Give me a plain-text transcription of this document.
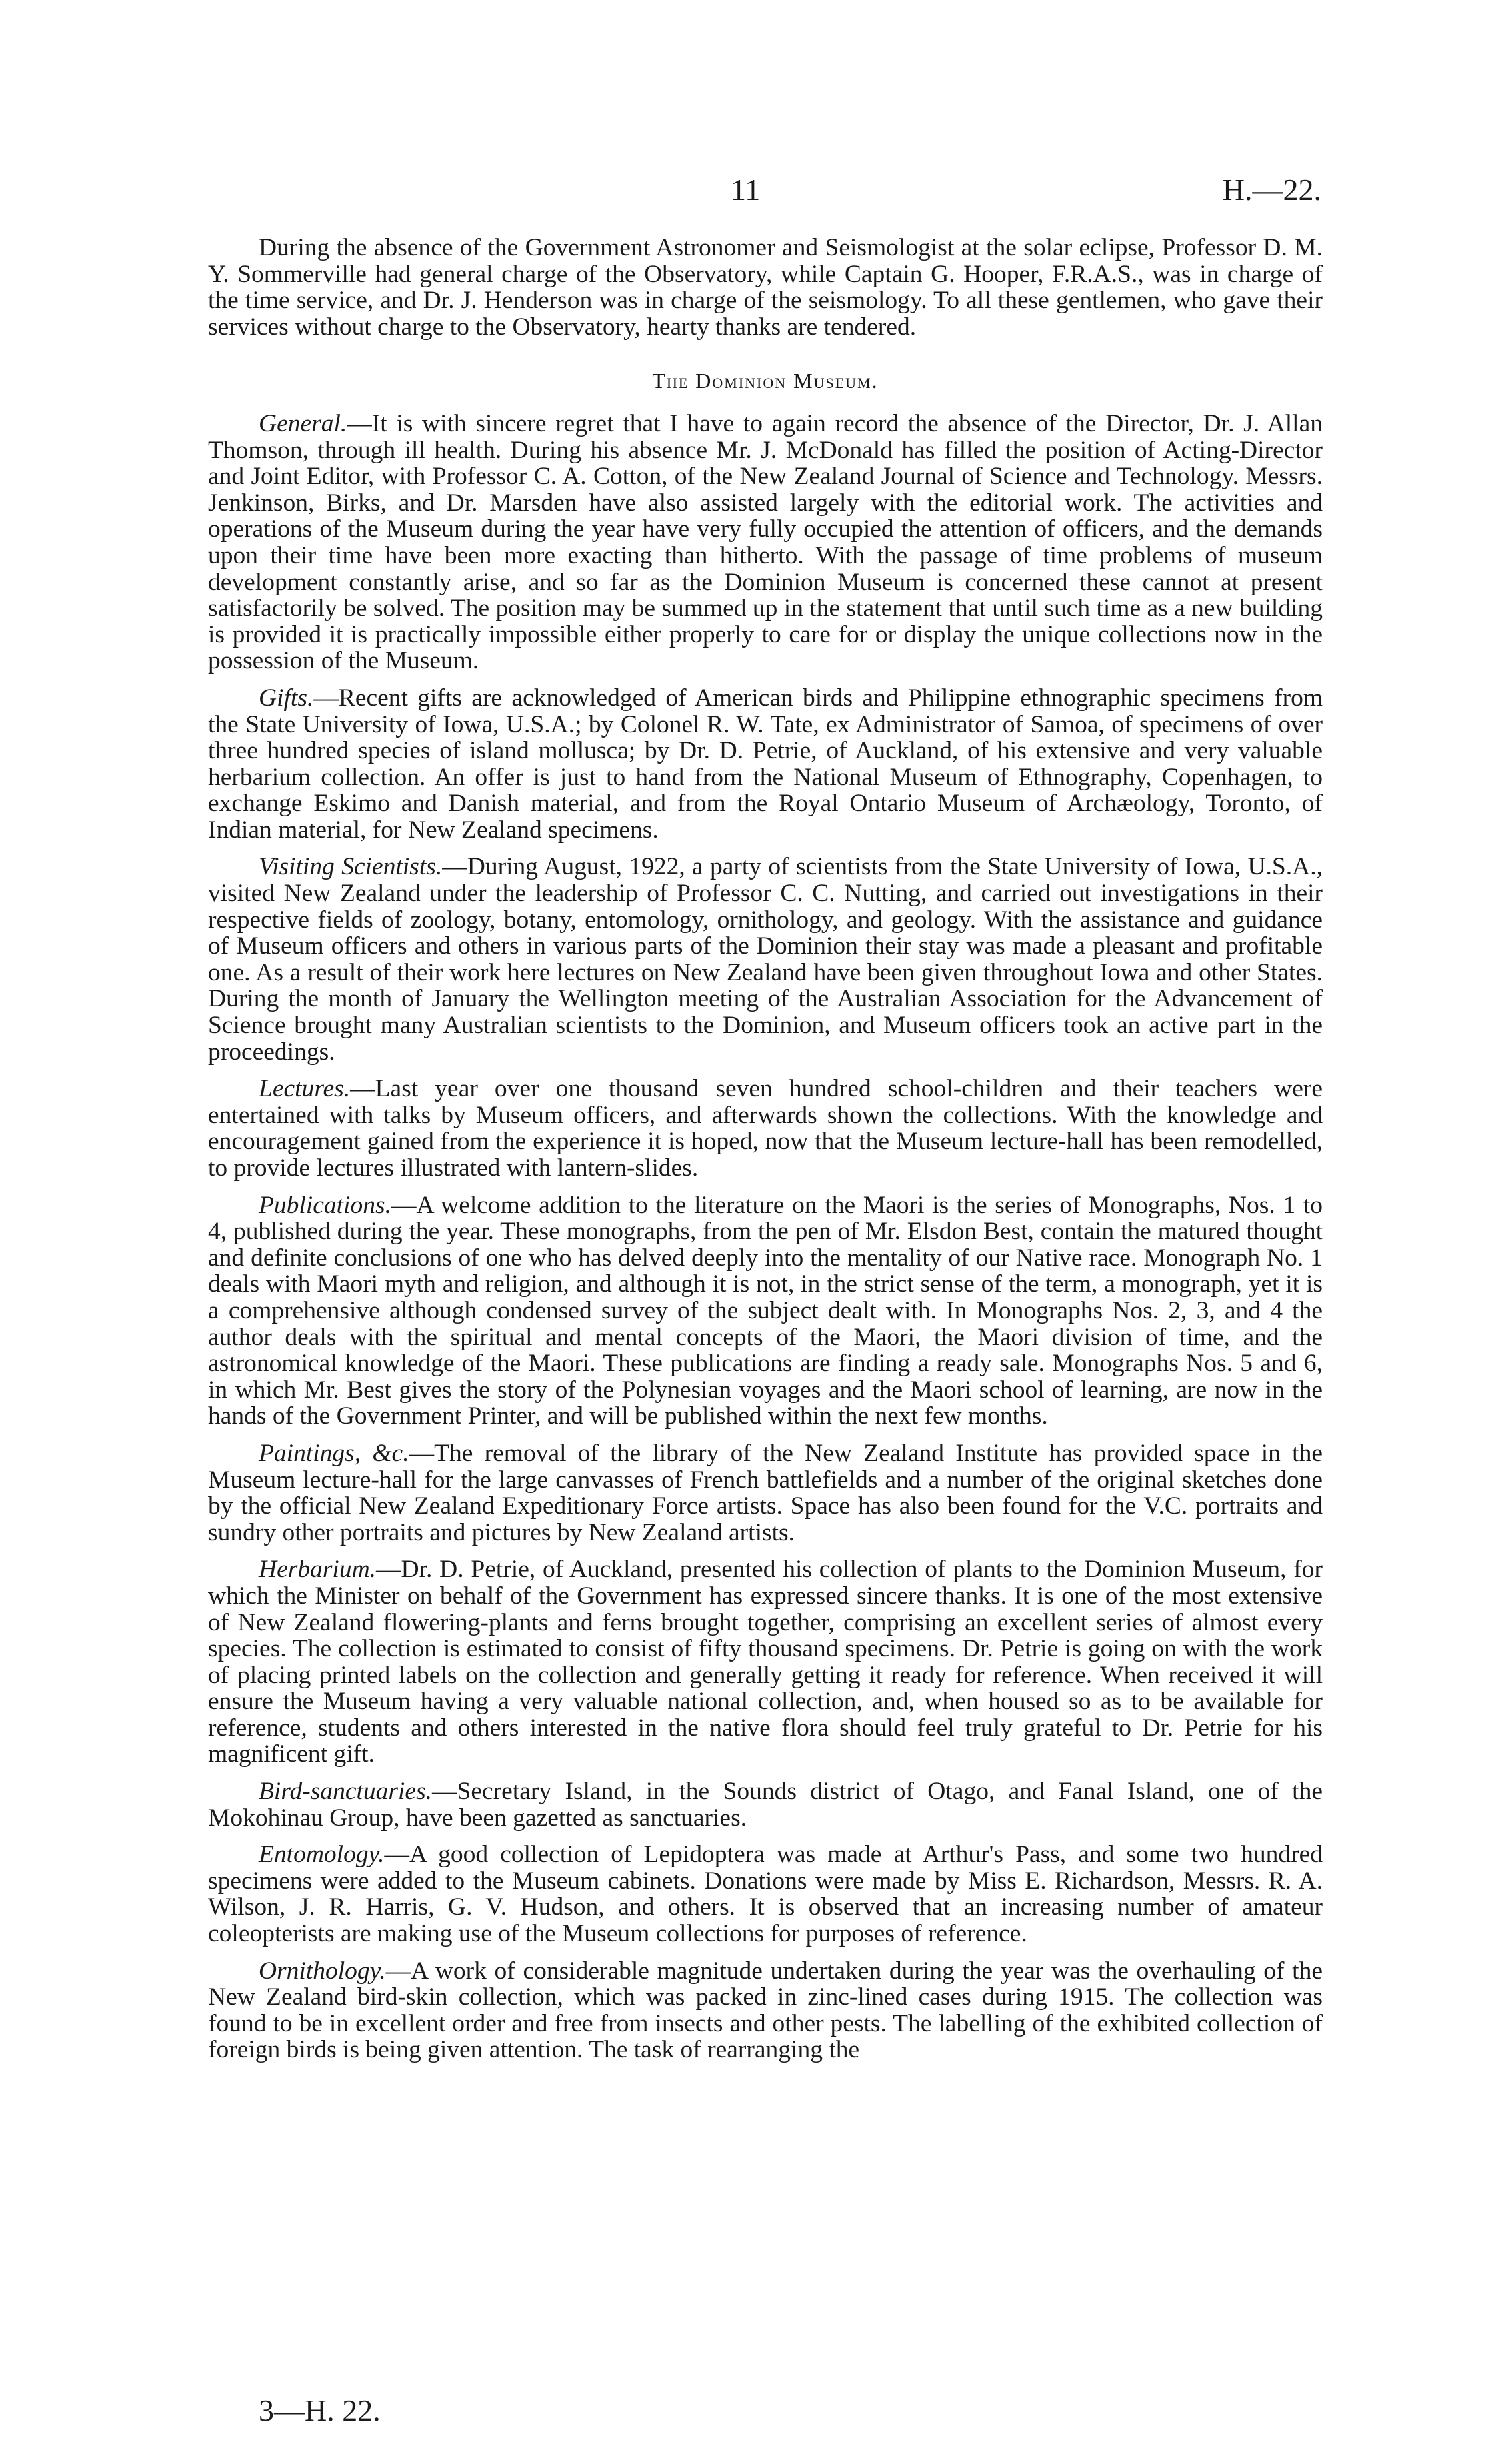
11	H.—22.

During the absence of the Government Astronomer and Seismologist at the solar eclipse, Professor D. M. Y. Sommerville had general charge of the Observatory, while Captain G. Hooper, F.R.A.S., was in charge of the time service, and Dr. J. Henderson was in charge of the seismology. To all these gentlemen, who gave their services without charge to the Observatory, hearty thanks are tendered.

The Dominion Museum.

General.—It is with sincere regret that I have to again record the absence of the Director, Dr. J. Allan Thomson, through ill health. During his absence Mr. J. McDonald has filled the position of Acting-Director and Joint Editor, with Professor C. A. Cotton, of the New Zealand Journal of Science and Technology. Messrs. Jenkinson, Birks, and Dr. Marsden have also assisted largely with the editorial work. The activities and operations of the Museum during the year have very fully occupied the attention of officers, and the demands upon their time have been more exacting than hitherto. With the passage of time problems of museum development constantly arise, and so far as the Dominion Museum is concerned these cannot at present satisfactorily be solved. The position may be summed up in the statement that until such time as a new building is provided it is practically impossible either properly to care for or display the unique collections now in the possession of the Museum.

Gifts.—Recent gifts are acknowledged of American birds and Philippine ethnographic specimens from the State University of Iowa, U.S.A.; by Colonel R. W. Tate, ex Administrator of Samoa, of specimens of over three hundred species of island mollusca; by Dr. D. Petrie, of Auckland, of his extensive and very valuable herbarium collection. An offer is just to hand from the National Museum of Ethnography, Copenhagen, to exchange Eskimo and Danish material, and from the Royal Ontario Museum of Archæology, Toronto, of Indian material, for New Zealand specimens.

Visiting Scientists.—During August, 1922, a party of scientists from the State University of Iowa, U.S.A., visited New Zealand under the leadership of Professor C. C. Nutting, and carried out investigations in their respective fields of zoology, botany, entomology, ornithology, and geology. With the assistance and guidance of Museum officers and others in various parts of the Dominion their stay was made a pleasant and profitable one. As a result of their work here lectures on New Zealand have been given throughout Iowa and other States. During the month of January the Wellington meeting of the Australian Association for the Advancement of Science brought many Australian scientists to the Dominion, and Museum officers took an active part in the proceedings.

Lectures.—Last year over one thousand seven hundred school-children and their teachers were entertained with talks by Museum officers, and afterwards shown the collections. With the knowledge and encouragement gained from the experience it is hoped, now that the Museum lecture-hall has been remodelled, to provide lectures illustrated with lantern-slides.

Publications.—A welcome addition to the literature on the Maori is the series of Monographs, Nos. 1 to 4, published during the year. These monographs, from the pen of Mr. Elsdon Best, contain the matured thought and definite conclusions of one who has delved deeply into the mentality of our Native race. Monograph No. 1 deals with Maori myth and religion, and although it is not, in the strict sense of the term, a monograph, yet it is a comprehensive although condensed survey of the subject dealt with. In Monographs Nos. 2, 3, and 4 the author deals with the spiritual and mental concepts of the Maori, the Maori division of time, and the astronomical knowledge of the Maori. These publications are finding a ready sale. Monographs Nos. 5 and 6, in which Mr. Best gives the story of the Polynesian voyages and the Maori school of learning, are now in the hands of the Government Printer, and will be published within the next few months.

Paintings, &c.—The removal of the library of the New Zealand Institute has provided space in the Museum lecture-hall for the large canvasses of French battlefields and a number of the original sketches done by the official New Zealand Expeditionary Force artists. Space has also been found for the V.C. portraits and sundry other portraits and pictures by New Zealand artists.

Herbarium.—Dr. D. Petrie, of Auckland, presented his collection of plants to the Dominion Museum, for which the Minister on behalf of the Government has expressed sincere thanks. It is one of the most extensive of New Zealand flowering-plants and ferns brought together, comprising an excellent series of almost every species. The collection is estimated to consist of fifty thousand specimens. Dr. Petrie is going on with the work of placing printed labels on the collection and generally getting it ready for reference. When received it will ensure the Museum having a very valuable national collection, and, when housed so as to be available for reference, students and others interested in the native flora should feel truly grateful to Dr. Petrie for his magnificent gift.

Bird-sanctuaries.—Secretary Island, in the Sounds district of Otago, and Fanal Island, one of the Mokohinau Group, have been gazetted as sanctuaries.

Entomology.—A good collection of Lepidoptera was made at Arthur's Pass, and some two hundred specimens were added to the Museum cabinets. Donations were made by Miss E. Richardson, Messrs. R. A. Wilson, J. R. Harris, G. V. Hudson, and others. It is observed that an increasing number of amateur coleopterists are making use of the Museum collections for purposes of reference.

Ornithology.—A work of considerable magnitude undertaken during the year was the overhauling of the New Zealand bird-skin collection, which was packed in zinc-lined cases during 1915. The collection was found to be in excellent order and free from insects and other pests. The labelling of the exhibited collection of foreign birds is being given attention. The task of rearranging the

3—H. 22.
